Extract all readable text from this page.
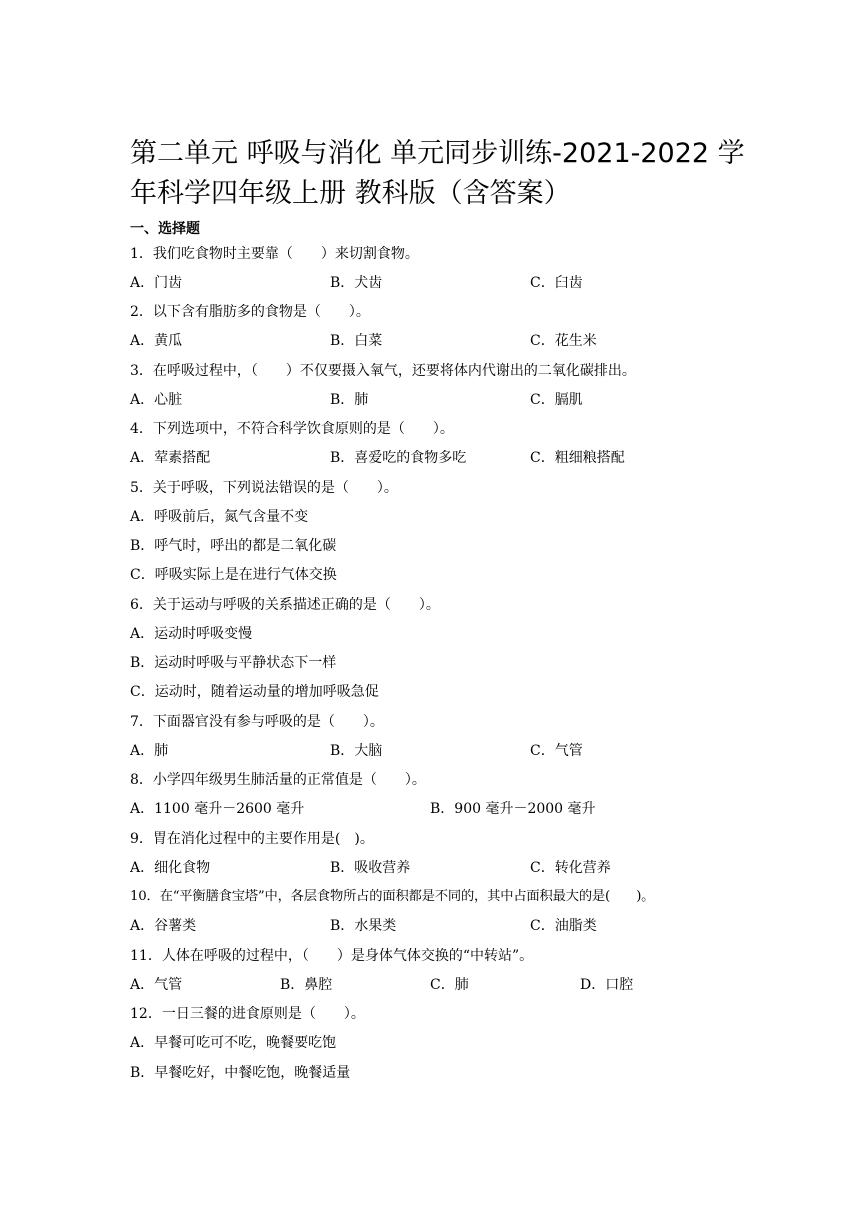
第二单元 呼吸与消化 单元同步训练-2021-2022 学年科学四年级上册 教科版（含答案）
一、选择题
1．我们吃食物时主要靠（　　）来切割食物。
A．门齿	B．犬齿	C．臼齿
2．以下含有脂肪多的食物是（　　）。
A．黄瓜	B．白菜	C．花生米
3．在呼吸过程中，（　　）不仅要摄入氧气，还要将体内代谢出的二氧化碳排出。
A．心脏	B．肺	C．膈肌
4．下列选项中，不符合科学饮食原则的是（　　）。
A．荤素搭配	B．喜爱吃的食物多吃	C．粗细粮搭配
5．关于呼吸，下列说法错误的是（　　）。
A．呼吸前后，氮气含量不变
B．呼气时，呼出的都是二氧化碳
C．呼吸实际上是在进行气体交换
6．关于运动与呼吸的关系描述正确的是（　　）。
A．运动时呼吸变慢
B．运动时呼吸与平静状态下一样
C．运动时，随着运动量的增加呼吸急促
7．下面器官没有参与呼吸的是（　　）。
A．肺	B．大脑	C．气管
8．小学四年级男生肺活量的正常值是（　　）。
A．1100 毫升－2600 毫升	B．900 毫升－2000 毫升
9．胃在消化过程中的主要作用是(　)。
A．细化食物	B．吸收营养	C．转化营养
10．在“平衡膳食宝塔”中，各层食物所占的面积都是不同的，其中占面积最大的是(　　)。
A．谷薯类	B．水果类	C．油脂类
11．人体在呼吸的过程中，（　　）是身体气体交换的“中转站”。
A．气管	B．鼻腔	C．肺	D．口腔
12．一日三餐的进食原则是（　　）。
A．早餐可吃可不吃，晚餐要吃饱
B．早餐吃好，中餐吃饱，晚餐适量
